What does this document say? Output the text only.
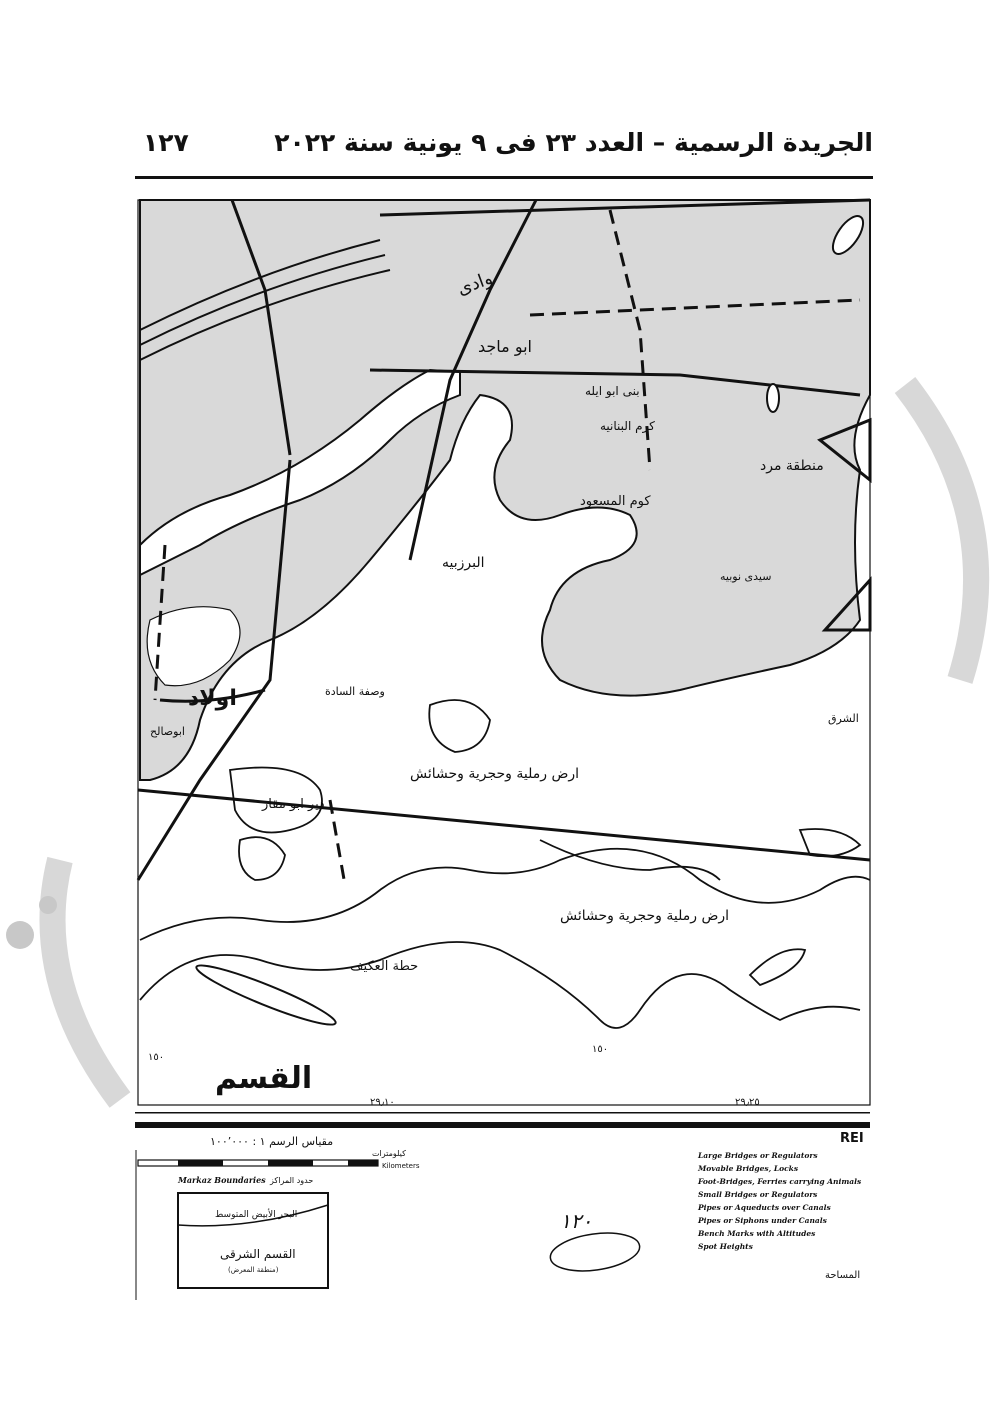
الجريدة الرسمية – العدد ٢٣ فى ٩ يونية سنة ٢٠٢٢
١٢٧
وادى
ابو ماجد
بنى ابو ايله
كرم البنانيه
البرزبيه
كوم المسعود
اولاد
دير ابو مقار
ارض رملية وحجرية وحشائش
ارض رملية وحجرية وحشائش
حطة العكيف
ابوصالح
الشرق
منطقة مرد
سيدى نوبيه
وصفة السادة
القسم
٢٩٫١٠	٢٩٫٢٥
١٥٠
١٥٠
مقياس الرسم ١ : ١٠٠٬٠٠٠
كيلومترات
Kilometers
Markaz Boundaries حدود المراكز
البحر الأبيض المتوسط
القسم الشرقى
(منطقة المعرض)
١٢٠
REI
Large Bridges or Regulators
Movable Bridges, Locks
Foot-Bridges, Ferries carrying Animals
Small Bridges or Regulators
Pipes or Aqueducts over Canals
Pipes or Siphons under Canals
Bench Marks with Altitudes
Spot Heights
المساحة
